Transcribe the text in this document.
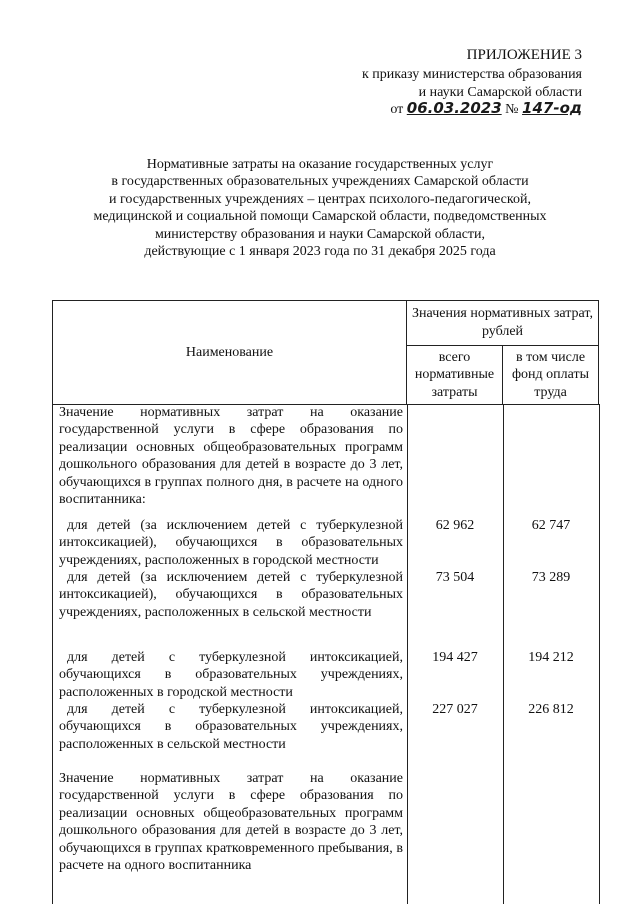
ПРИЛОЖЕНИЕ 3
к приказу министерства образования
и науки Самарской области
от 06.03.2023 № 147-од
Нормативные затраты на оказание государственных услуг
в государственных образовательных учреждениях Самарской области
и государственных учреждениях – центрах психолого-педагогической,
медицинской и социальной помощи Самарской области, подведомственных
министерству образования и науки Самарской области,
действующие с 1 января 2023 года по 31 декабря 2025 года
Наименование	Значения нормативных затрат, рублей	
	всего нормативные затраты	в том числе фонд оплаты труда
Значение нормативных затрат на оказание государственной услуги в сфере образования по реализации основных общеобразовательных программ дошкольного образования для детей в возрасте до 3 лет, обучающихся в группах полного дня, в расчете на одного воспитанника:
для детей (за исключением детей с туберкулезной интоксикацией), обучающихся в образовательных учреждениях, расположенных в городской местности
62 962	62 747
для детей (за исключением детей с туберкулезной интоксикацией), обучающихся в образовательных учреждениях, расположенных в сельской местности
73 504	73 289
для детей с туберкулезной интоксикацией, обучающихся в образовательных учреждениях, расположенных в городской местности
194 427	194 212
для детей с туберкулезной интоксикацией, обучающихся в образовательных учреждениях, расположенных в сельской местности
227 027	226 812
Значение нормативных затрат на оказание государственной услуги в сфере образования по реализации основных общеобразовательных программ дошкольного образования для детей в возрасте до 3 лет, обучающихся в группах кратковременного пребывания, в расчете на одного воспитанника
